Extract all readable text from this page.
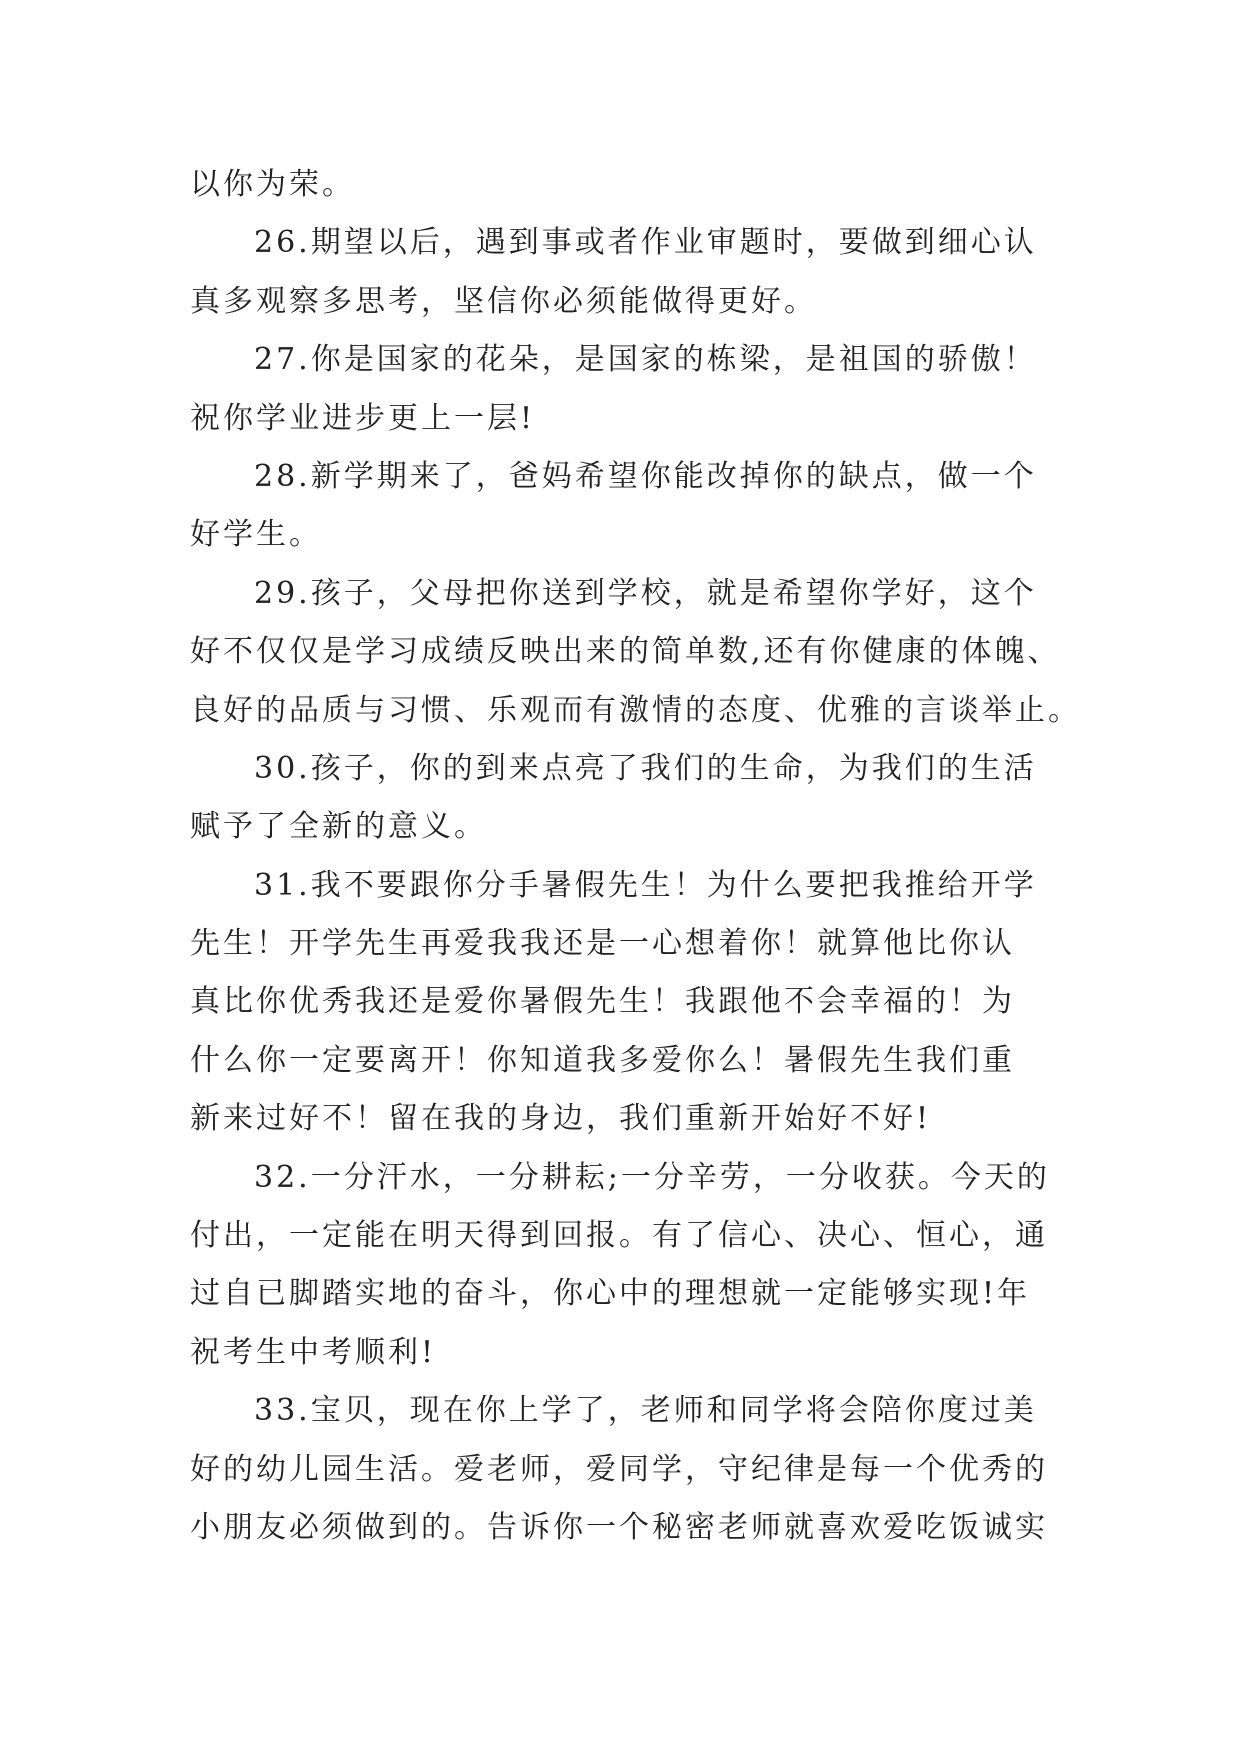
以你为荣。
26.期望以后，遇到事或者作业审题时，要做到细心认
真多观察多思考，坚信你必须能做得更好。
27.你是国家的花朵，是国家的栋梁，是祖国的骄傲！
祝你学业进步更上一层!
28.新学期来了，爸妈希望你能改掉你的缺点，做一个
好学生。
29.孩子，父母把你送到学校，就是希望你学好，这个
好不仅仅是学习成绩反映出来的简单数,还有你健康的体魄、
良好的品质与习惯、乐观而有激情的态度、优雅的言谈举止。
30.孩子，你的到来点亮了我们的生命，为我们的生活
赋予了全新的意义。
31.我不要跟你分手暑假先生！为什么要把我推给开学
先生！开学先生再爱我我还是一心想着你！就算他比你认
真比你优秀我还是爱你暑假先生！我跟他不会幸福的！为
什么你一定要离开！你知道我多爱你么！暑假先生我们重
新来过好不！留在我的身边，我们重新开始好不好!
32.一分汗水，一分耕耘;一分辛劳，一分收获。今天的
付出，一定能在明天得到回报。有了信心、决心、恒心，通
过自已脚踏实地的奋斗，你心中的理想就一定能够实现!年
祝考生中考顺利!
33.宝贝，现在你上学了，老师和同学将会陪你度过美
好的幼儿园生活。爱老师，爱同学，守纪律是每一个优秀的
小朋友必须做到的。告诉你一个秘密老师就喜欢爱吃饭诚实
